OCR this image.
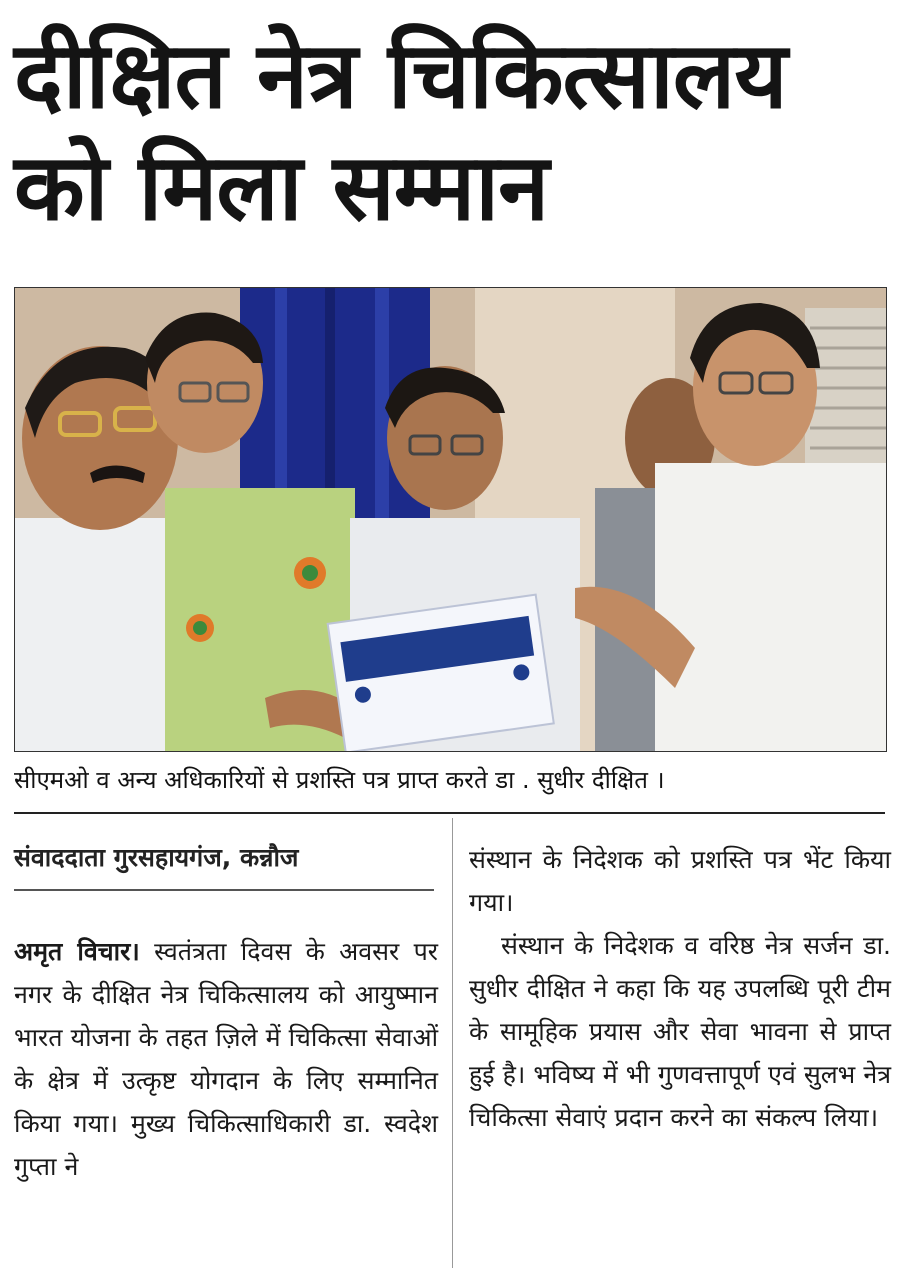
दीक्षित नेत्र चिकित्सालय
को मिला सम्मान
सीएमओ व अन्य अधिकारियों से प्रशस्ति पत्र प्राप्त करते डा . सुधीर दीक्षित ।
संवाददाता गुरसहायगंज, कन्नौज

अमृत विचार। स्वतंत्रता दिवस के अवसर पर नगर के दीक्षित नेत्र चिकित्सालय को आयुष्मान भारत योजना के तहत ज़िले में चिकित्सा सेवाओं के क्षेत्र में उत्कृष्ट योगदान के लिए सम्मानित किया गया। मुख्य चिकित्साधिकारी डा. स्वदेश गुप्ता ने

संस्थान के निदेशक को प्रशस्ति पत्र भेंट किया गया।

संस्थान के निदेशक व वरिष्ठ नेत्र सर्जन डा. सुधीर दीक्षित ने कहा कि यह उपलब्धि पूरी टीम के सामूहिक प्रयास और सेवा भावना से प्राप्त हुई है। भविष्य में भी गुणवत्तापूर्ण एवं सुलभ नेत्र चिकित्सा सेवाएं प्रदान करने का संकल्प लिया।
